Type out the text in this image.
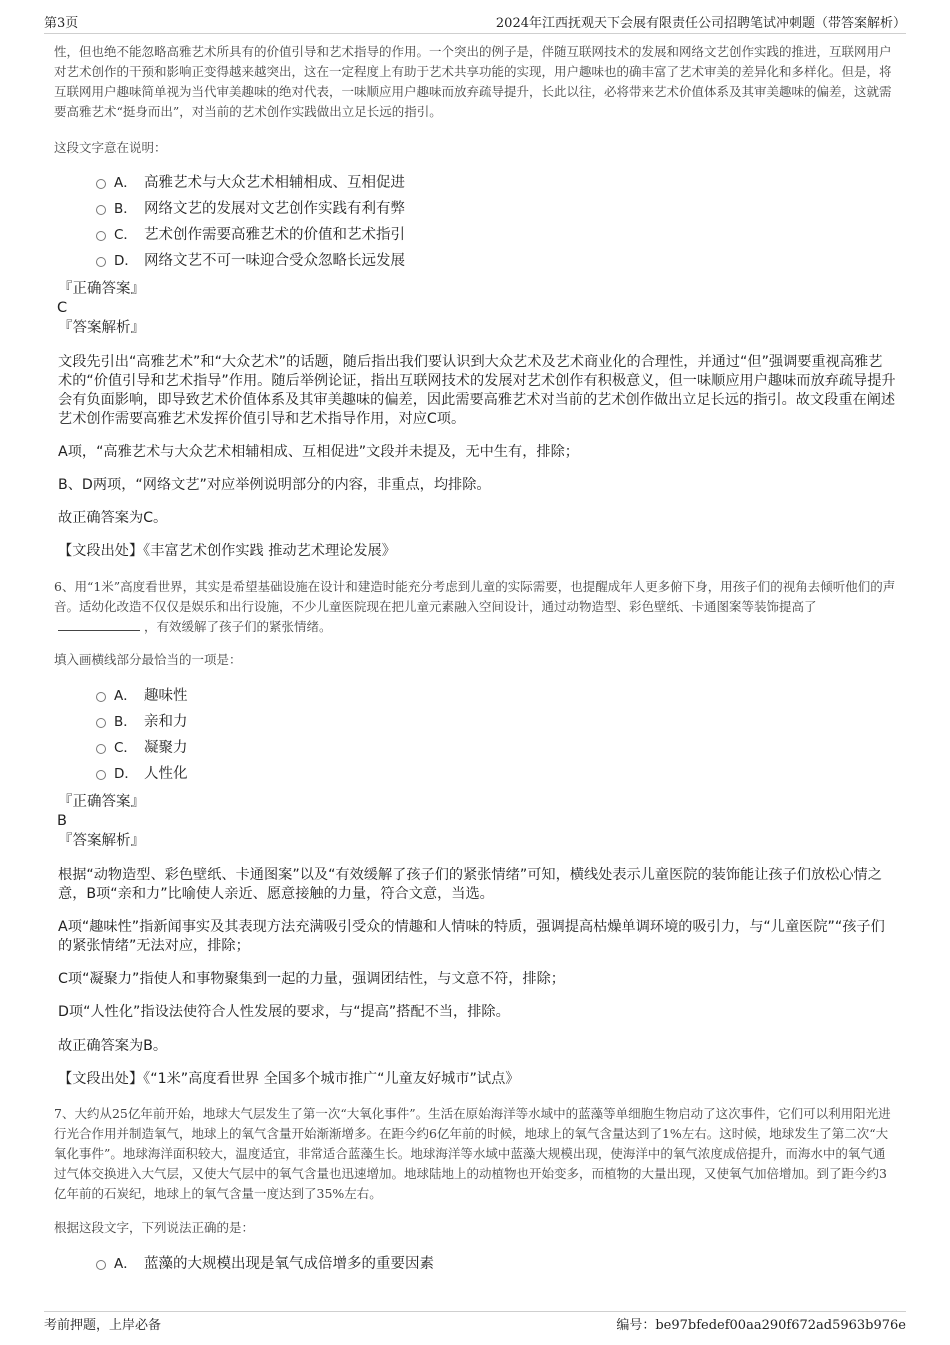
第3页	2024年江西抚观天下会展有限责任公司招聘笔试冲刺题（带答案解析）

性，但也绝不能忽略高雅艺术所具有的价值引导和艺术指导的作用。一个突出的例子是，伴随互联网技术的发展和网络文艺创作实践的推进，互联网用户对艺术创作的干预和影响正变得越来越突出，这在一定程度上有助于艺术共享功能的实现，用户趣味也的确丰富了艺术审美的差异化和多样化。但是，将互联网用户趣味简单视为当代审美趣味的绝对代表，一味顺应用户趣味而放弃疏导提升，长此以往，必将带来艺术价值体系及其审美趣味的偏差，这就需要高雅艺术“挺身而出”，对当前的艺术创作实践做出立足长远的指引。

这段文字意在说明：

A． 高雅艺术与大众艺术相辅相成、互相促进
B． 网络文艺的发展对文艺创作实践有利有弊
C． 艺术创作需要高雅艺术的价值和艺术指引
D． 网络文艺不可一味迎合受众忽略长远发展
『正确答案』
C
『答案解析』

文段先引出“高雅艺术”和“大众艺术”的话题，随后指出我们要认识到大众艺术及艺术商业化的合理性，并通过“但”强调要重视高雅艺术的“价值引导和艺术指导”作用。随后举例论证，指出互联网技术的发展对艺术创作有积极意义，但一味顺应用户趣味而放弃疏导提升会有负面影响，即导致艺术价值体系及其审美趣味的偏差，因此需要高雅艺术对当前的艺术创作做出立足长远的指引。故文段重在阐述艺术创作需要高雅艺术发挥价值引导和艺术指导作用，对应C项。

A项，“高雅艺术与大众艺术相辅相成、互相促进”文段并未提及，无中生有，排除；

B、D两项，“网络文艺”对应举例说明部分的内容，非重点，均排除。

故正确答案为C。

【文段出处】《丰富艺术创作实践 推动艺术理论发展》

6、用“1米”高度看世界，其实是希望基础设施在设计和建造时能充分考虑到儿童的实际需要，也提醒成年人更多俯下身，用孩子们的视角去倾听他们的声音。适幼化改造不仅仅是娱乐和出行设施，不少儿童医院现在把儿童元素融入空间设计，通过动物造型、彩色壁纸、卡通图案等装饰提高了，有效缓解了孩子们的紧张情绪。

填入画横线部分最恰当的一项是：

A． 趣味性
B． 亲和力
C． 凝聚力
D． 人性化
『正确答案』
B
『答案解析』

根据“动物造型、彩色壁纸、卡通图案”以及“有效缓解了孩子们的紧张情绪”可知，横线处表示儿童医院的装饰能让孩子们放松心情之意，B项“亲和力”比喻使人亲近、愿意接触的力量，符合文意，当选。

A项“趣味性”指新闻事实及其表现方法充满吸引受众的情趣和人情味的特质，强调提高枯燥单调环境的吸引力，与“儿童医院”“孩子们的紧张情绪”无法对应，排除；

C项“凝聚力”指使人和事物聚集到一起的力量，强调团结性，与文意不符，排除；

D项“人性化”指设法使符合人性发展的要求，与“提高”搭配不当，排除。

故正确答案为B。

【文段出处】《“1米”高度看世界 全国多个城市推广“儿童友好城市”试点》

7、大约从25亿年前开始，地球大气层发生了第一次“大氧化事件”。生活在原始海洋等水域中的蓝藻等单细胞生物启动了这次事件，它们可以利用阳光进行光合作用并制造氧气，地球上的氧气含量开始渐渐增多。在距今约6亿年前的时候，地球上的氧气含量达到了1%左右。这时候，地球发生了第二次“大氧化事件”。地球海洋面积较大，温度适宜，非常适合蓝藻生长。地球海洋等水域中蓝藻大规模出现，使海洋中的氧气浓度成倍提升，而海水中的氧气通过气体交换进入大气层，又使大气层中的氧气含量也迅速增加。地球陆地上的动植物也开始变多，而植物的大量出现，又使氧气加倍增加。到了距今约3亿年前的石炭纪，地球上的氧气含量一度达到了35%左右。

根据这段文字，下列说法正确的是：

A． 蓝藻的大规模出现是氧气成倍增多的重要因素
考前押题，上岸必备	编号：be97bfedef00aa290f672ad5963b976e
